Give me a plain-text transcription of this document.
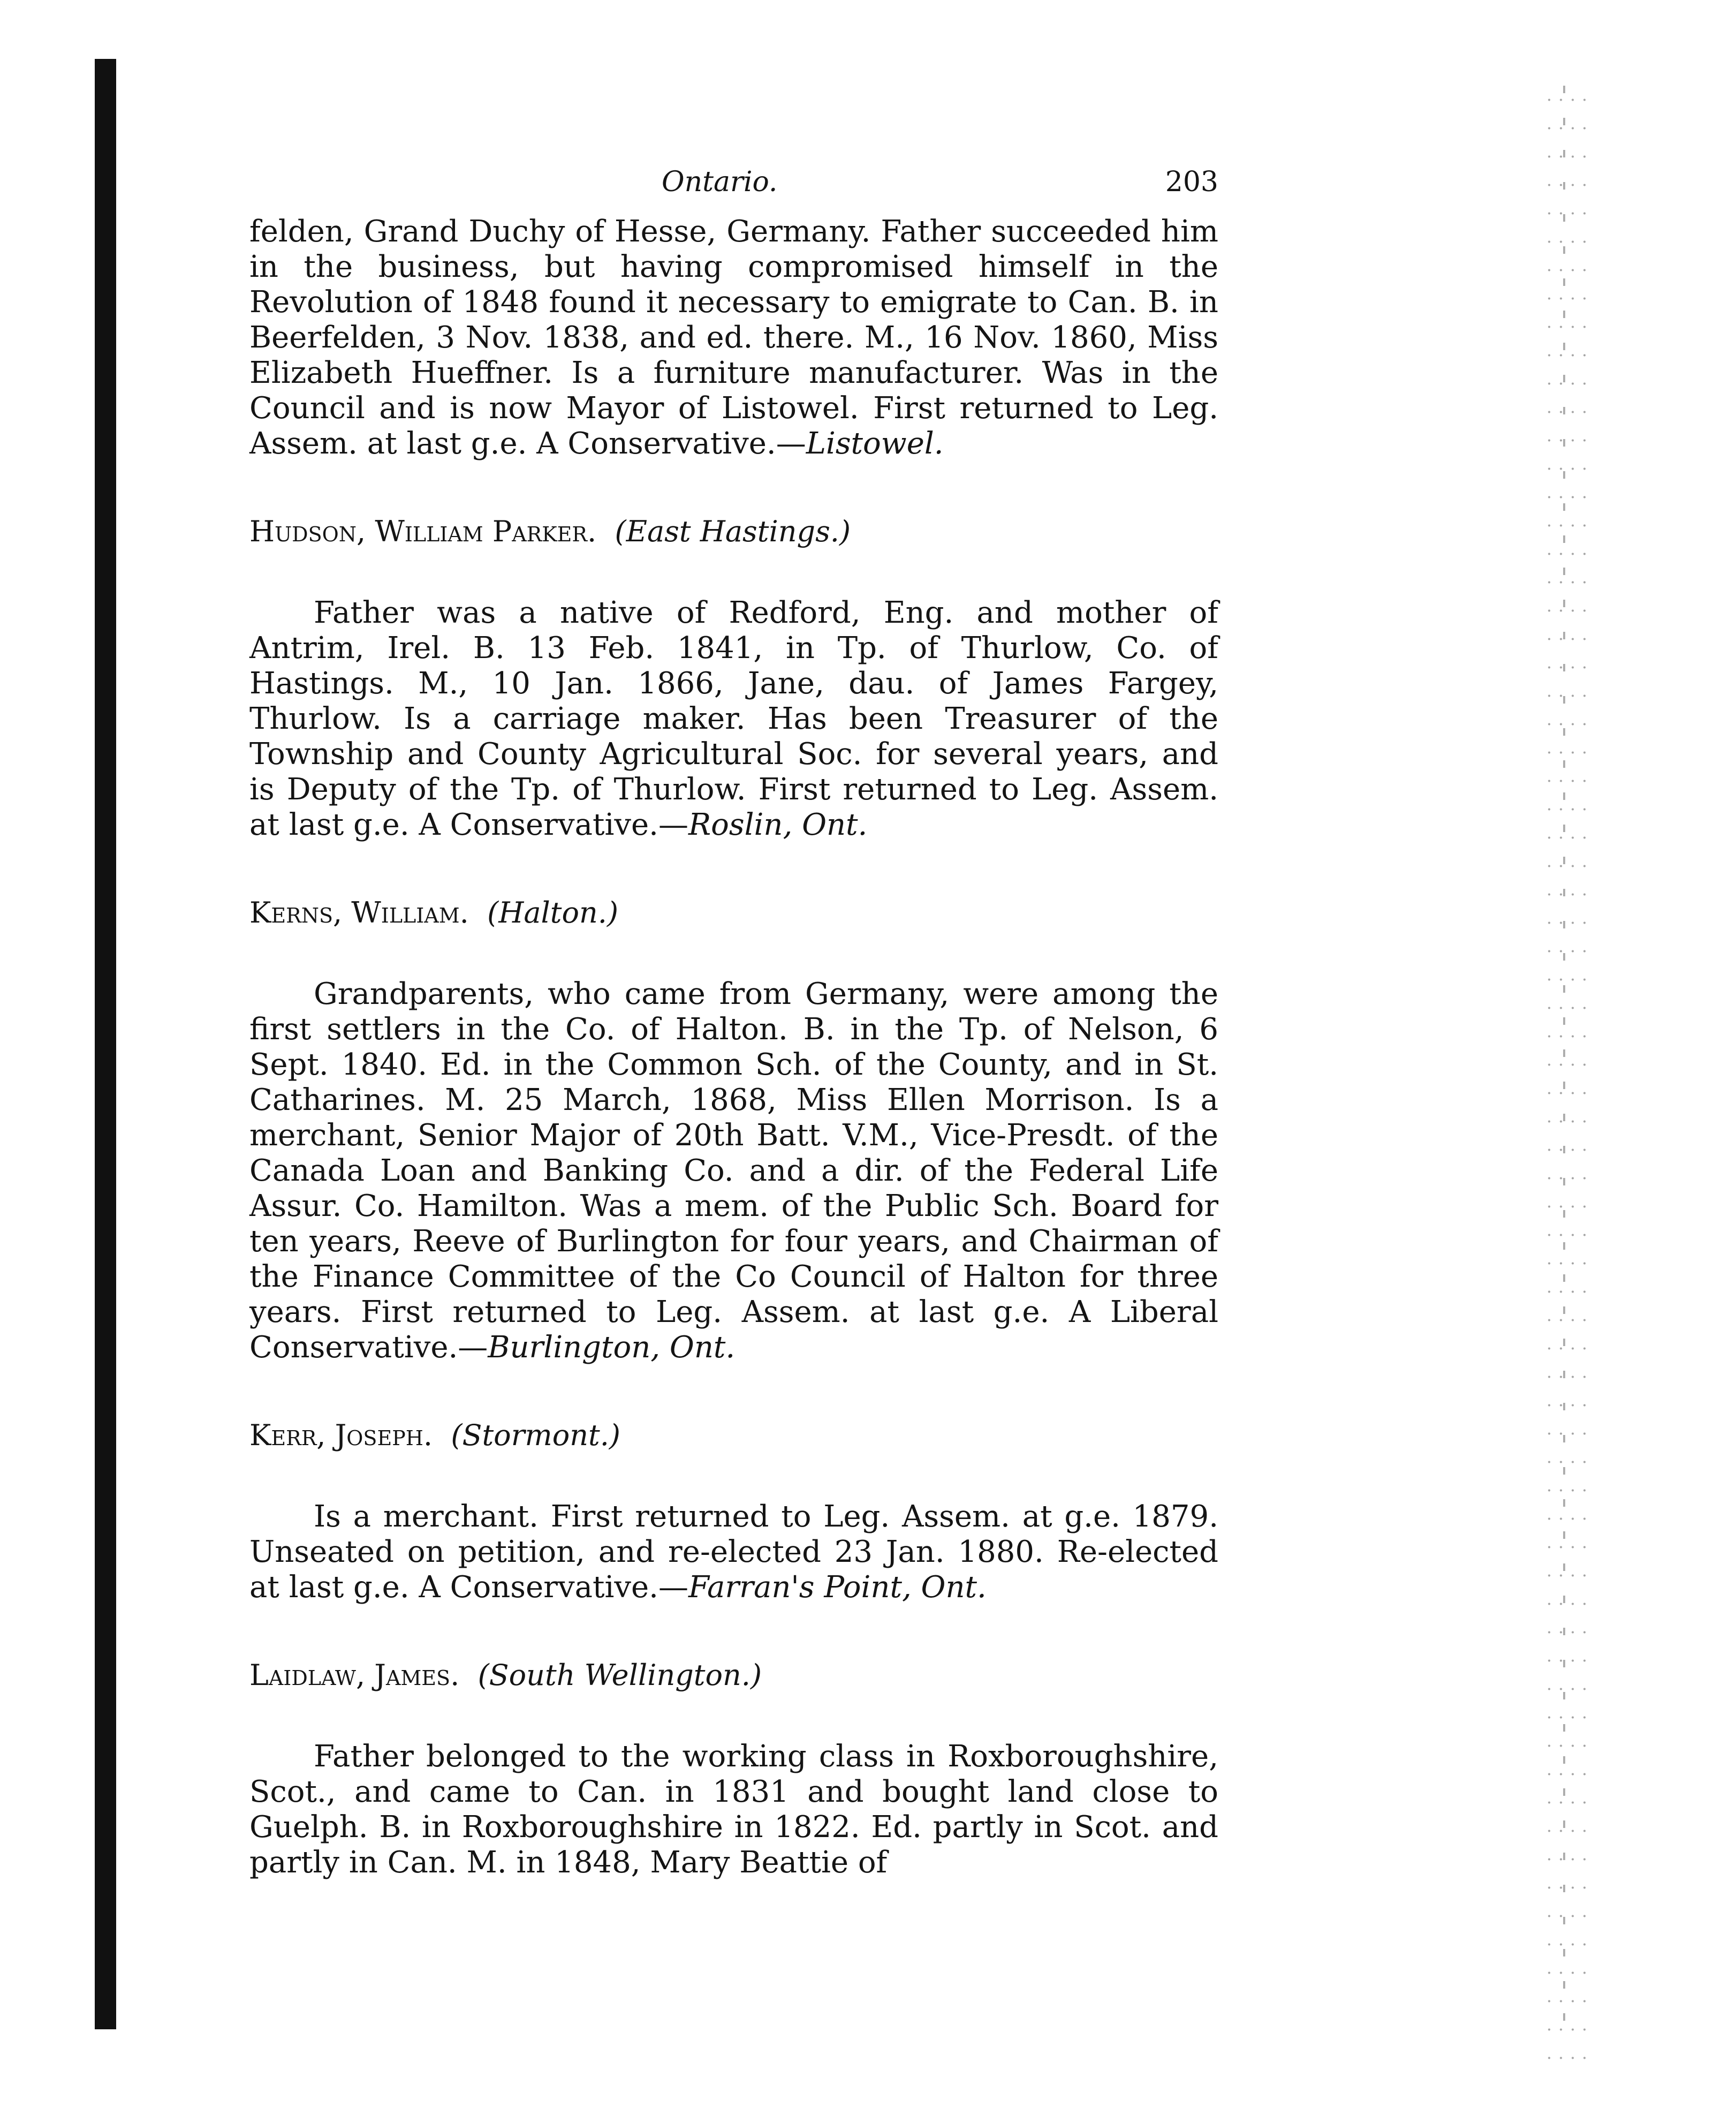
Ontario.	203

felden, Grand Duchy of Hesse, Germany. Father succeeded him in the business, but having compromised himself in the Revolution of 1848 found it necessary to emigrate to Can. B. in Beerfelden, 3 Nov. 1838, and ed. there. M., 16 Nov. 1860, Miss Elizabeth Hueffner. Is a furniture manufacturer. Was in the Council and is now Mayor of Listowel. First returned to Leg. Assem. at last g.e. A Conservative.—Listowel.

Hudson, William Parker. (East Hastings.)

Father was a native of Redford, Eng. and mother of Antrim, Irel. B. 13 Feb. 1841, in Tp. of Thurlow, Co. of Hastings. M., 10 Jan. 1866, Jane, dau. of James Fargey, Thurlow. Is a carriage maker. Has been Treasurer of the Township and County Agricultural Soc. for several years, and is Deputy of the Tp. of Thurlow. First returned to Leg. Assem. at last g.e. A Conservative.—Roslin, Ont.

Kerns, William. (Halton.)

Grandparents, who came from Germany, were among the first settlers in the Co. of Halton. B. in the Tp. of Nelson, 6 Sept. 1840. Ed. in the Common Sch. of the County, and in St. Catharines. M. 25 March, 1868, Miss Ellen Morrison. Is a merchant, Senior Major of 20th Batt. V.M., Vice-Presdt. of the Canada Loan and Banking Co. and a dir. of the Federal Life Assur. Co. Hamilton. Was a mem. of the Public Sch. Board for ten years, Reeve of Burlington for four years, and Chairman of the Finance Committee of the Co Council of Halton for three years. First returned to Leg. Assem. at last g.e. A Liberal Conservative.—Burlington, Ont.

Kerr, Joseph. (Stormont.)

Is a merchant. First returned to Leg. Assem. at g.e. 1879. Unseated on petition, and re-elected 23 Jan. 1880. Re-elected at last g.e. A Conservative.—Farran's Point, Ont.

Laidlaw, James. (South Wellington.)

Father belonged to the working class in Roxboroughshire, Scot., and came to Can. in 1831 and bought land close to Guelph. B. in Roxboroughshire in 1822. Ed. partly in Scot. and partly in Can. M. in 1848, Mary Beattie of
